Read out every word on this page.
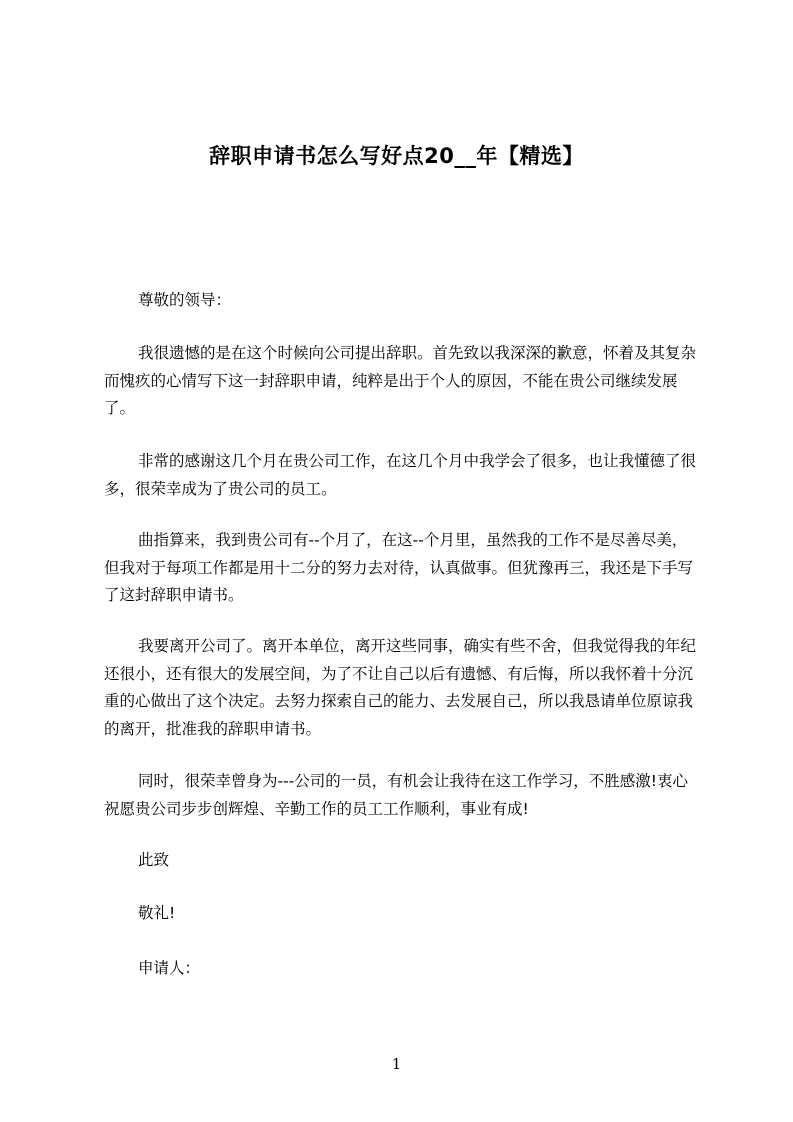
辞职申请书怎么写好点20__年【精选】

尊敬的领导：

我很遗憾的是在这个时候向公司提出辞职。首先致以我深深的歉意，怀着及其复杂而愧疚的心情写下这一封辞职申请，纯粹是出于个人的原因，不能在贵公司继续发展了。

非常的感谢这几个月在贵公司工作，在这几个月中我学会了很多，也让我懂德了很多，很荣幸成为了贵公司的员工。

曲指算来，我到贵公司有--个月了，在这--个月里，虽然我的工作不是尽善尽美，但我对于每项工作都是用十二分的努力去对待，认真做事。但犹豫再三，我还是下手写了这封辞职申请书。

我要离开公司了。离开本单位，离开这些同事，确实有些不舍，但我觉得我的年纪还很小，还有很大的发展空间，为了不让自己以后有遗憾、有后悔，所以我怀着十分沉重的心做出了这个决定。去努力探索自己的能力、去发展自己，所以我恳请单位原谅我的离开，批准我的辞职申请书。

同时，很荣幸曾身为---公司的一员，有机会让我待在这工作学习，不胜感激!衷心祝愿贵公司步步创辉煌、辛勤工作的员工工作顺利，事业有成!

此致

敬礼!

申请人：

1
